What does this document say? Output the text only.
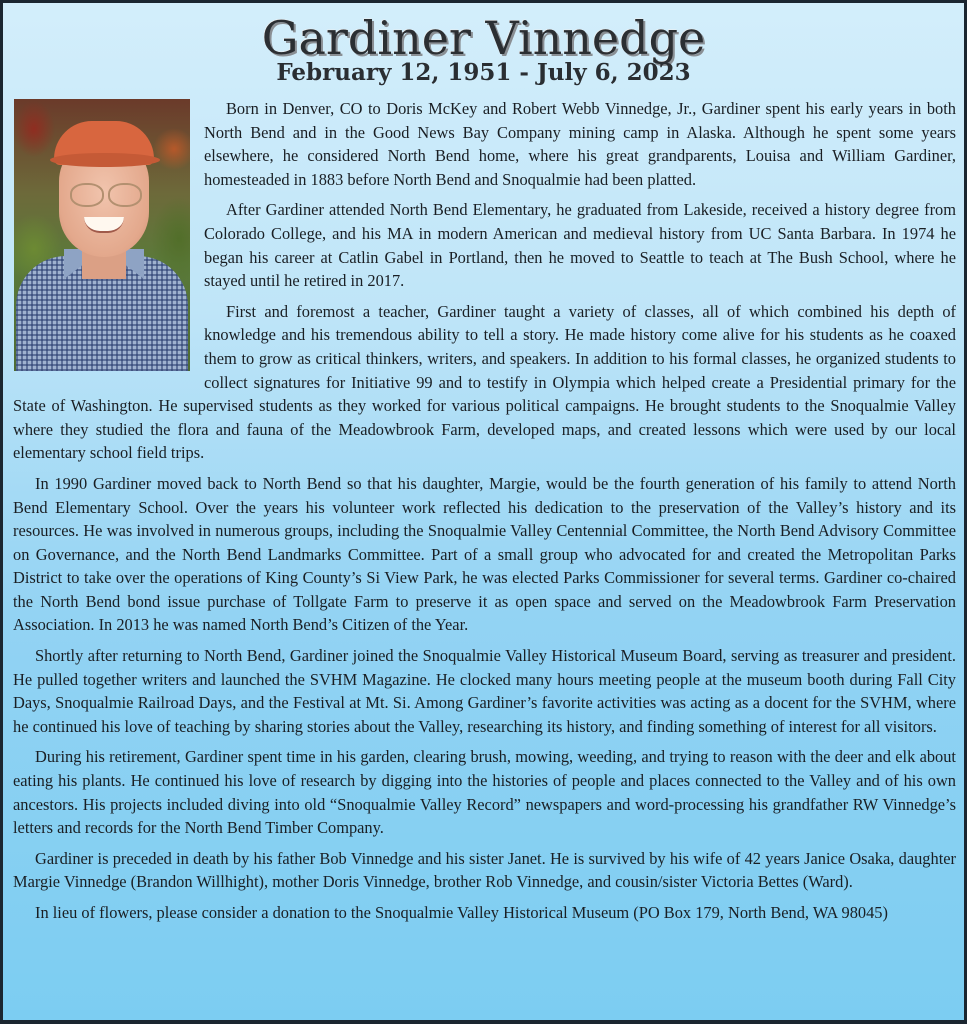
Gardiner Vinnedge
February 12, 1951 - July 6, 2023

Born in Denver, CO to Doris McKey and Robert Webb Vinnedge, Jr., Gardiner spent his early years in both North Bend and in the Good News Bay Company mining camp in Alaska. Although he spent some years elsewhere, he considered North Bend home, where his great grandparents, Louisa and William Gardiner, homesteaded in 1883 before North Bend and Snoqualmie had been platted.

After Gardiner attended North Bend Elementary, he graduated from Lakeside, received a history degree from Colorado College, and his MA in modern American and medieval history from UC Santa Barbara. In 1974 he began his career at Catlin Gabel in Portland, then he moved to Seattle to teach at The Bush School, where he stayed until he retired in 2017.

First and foremost a teacher, Gardiner taught a variety of classes, all of which combined his depth of knowledge and his tremendous ability to tell a story. He made history come alive for his students as he coaxed them to grow as critical thinkers, writers, and speakers. In addition to his formal classes, he organized students to collect signatures for Initiative 99 and to testify in Olympia which helped create a Presidential primary for the State of Washington. He supervised students as they worked for various political campaigns. He brought students to the Snoqualmie Valley where they studied the flora and fauna of the Meadowbrook Farm, developed maps, and created lessons which were used by our local elementary school field trips.

In 1990 Gardiner moved back to North Bend so that his daughter, Margie, would be the fourth generation of his family to attend North Bend Elementary School. Over the years his volunteer work reflected his dedication to the preservation of the Valley’s history and its resources. He was involved in numerous groups, including the Snoqualmie Valley Centennial Committee, the North Bend Advisory Committee on Governance, and the North Bend Landmarks Committee. Part of a small group who advocated for and created the Metropolitan Parks District to take over the operations of King County’s Si View Park, he was elected Parks Commissioner for several terms. Gardiner co-chaired the North Bend bond issue purchase of Tollgate Farm to preserve it as open space and served on the Meadowbrook Farm Preservation Association. In 2013 he was named North Bend’s Citizen of the Year.

Shortly after returning to North Bend, Gardiner joined the Snoqualmie Valley Historical Museum Board, serving as treasurer and president. He pulled together writers and launched the SVHM Magazine. He clocked many hours meeting people at the museum booth during Fall City Days, Snoqualmie Railroad Days, and the Festival at Mt. Si. Among Gardiner’s favorite activities was acting as a docent for the SVHM, where he continued his love of teaching by sharing stories about the Valley, researching its history, and finding something of interest for all visitors.

During his retirement, Gardiner spent time in his garden, clearing brush, mowing, weeding, and trying to reason with the deer and elk about eating his plants. He continued his love of research by digging into the histories of people and places connected to the Valley and of his own ancestors. His projects included diving into old “Snoqualmie Valley Record” newspapers and word-processing his grandfather RW Vinnedge’s letters and records for the North Bend Timber Company.

Gardiner is preceded in death by his father Bob Vinnedge and his sister Janet. He is survived by his wife of 42 years Janice Osaka, daughter Margie Vinnedge (Brandon Willhight), mother Doris Vinnedge, brother Rob Vinnedge, and cousin/sister Victoria Bettes (Ward).

In lieu of flowers, please consider a donation to the Snoqualmie Valley Historical Museum (PO Box 179, North Bend, WA 98045)
